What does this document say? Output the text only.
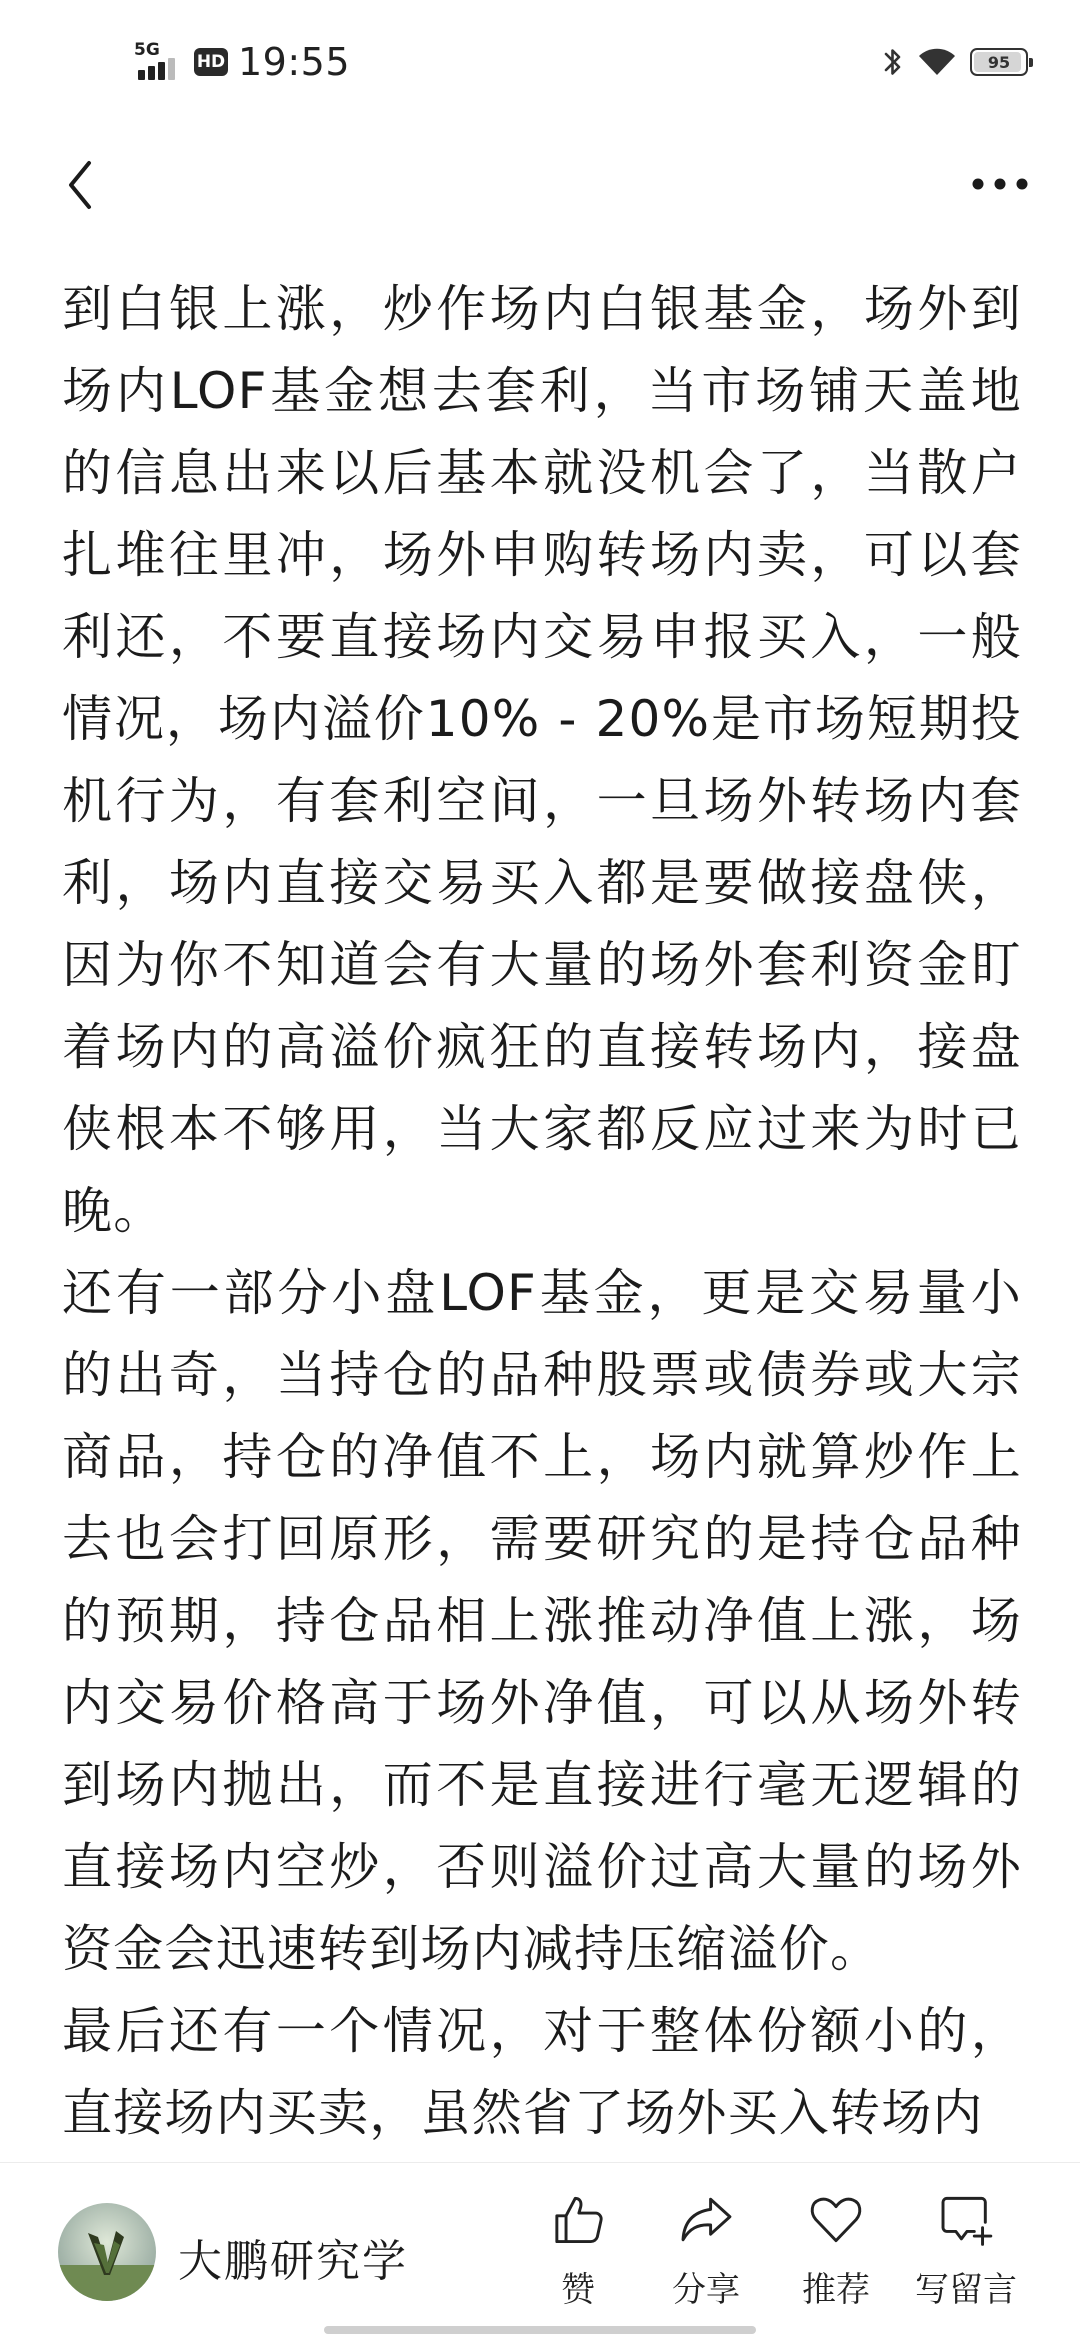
5G
HD 19:55	95

到白银上涨，炒作场内白银基金，场外到场内LOF基金想去套利，当市场铺天盖地的信息出来以后基本就没机会了，当散户扎堆往里冲，场外申购转场内卖，可以套利还，不要直接场内交易申报买入，一般情况，场内溢价10% - 20%是市场短期投机行为，有套利空间，一旦场外转场内套利，场内直接交易买入都是要做接盘侠，因为你不知道会有大量的场外套利资金盯着场内的高溢价疯狂的直接转场内，接盘侠根本不够用，当大家都反应过来为时已晚。

还有一部分小盘LOF基金，更是交易量小的出奇，当持仓的品种股票或债券或大宗商品，持仓的净值不上，场内就算炒作上去也会打回原形，需要研究的是持仓品种的预期，持仓品相上涨推动净值上涨，场内交易价格高于场外净值，可以从场外转到场内抛出，而不是直接进行毫无逻辑的直接场内空炒，否则溢价过高大量的场外资金会迅速转到场内减持压缩溢价。

最后还有一个情况，对于整体份额小的，直接场内买卖，虽然省了场外买入转场内

大鹏研究学
赞 分享 推荐 写留言
